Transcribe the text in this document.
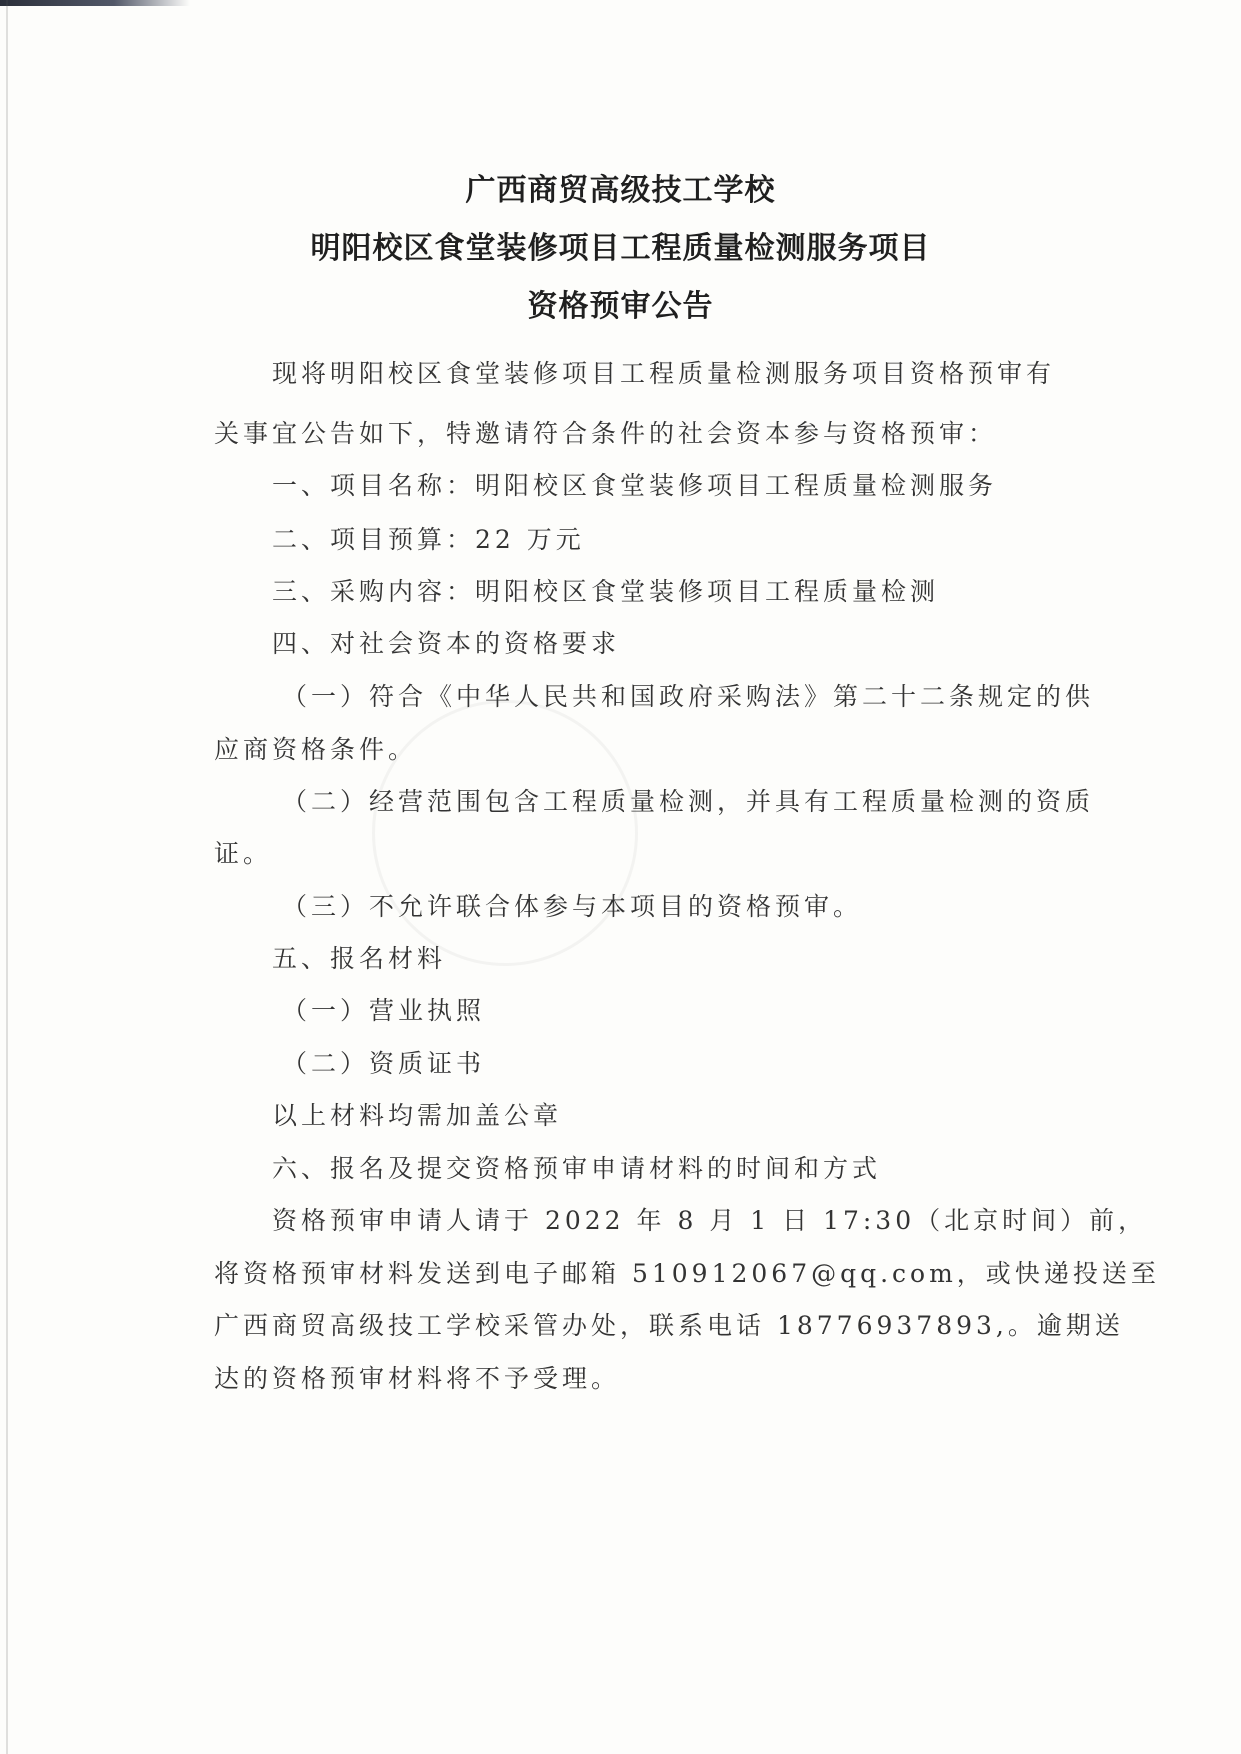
广西商贸高级技工学校
明阳校区食堂装修项目工程质量检测服务项目
资格预审公告
现将明阳校区食堂装修项目工程质量检测服务项目资格预审有
关事宜公告如下，特邀请符合条件的社会资本参与资格预审：
一、项目名称：明阳校区食堂装修项目工程质量检测服务
二、项目预算：22 万元
三、采购内容：明阳校区食堂装修项目工程质量检测
四、对社会资本的资格要求
（一）符合《中华人民共和国政府采购法》第二十二条规定的供
应商资格条件。
（二）经营范围包含工程质量检测，并具有工程质量检测的资质
证。
（三）不允许联合体参与本项目的资格预审。
五、报名材料
（一）营业执照
（二）资质证书
以上材料均需加盖公章
六、报名及提交资格预审申请材料的时间和方式
资格预审申请人请于 2022 年 8 月 1 日 17:30（北京时间）前，
将资格预审材料发送到电子邮箱 510912067@qq.com，或快递投送至
广西商贸高级技工学校采管办处，联系电话 18776937893,。逾期送
达的资格预审材料将不予受理。
